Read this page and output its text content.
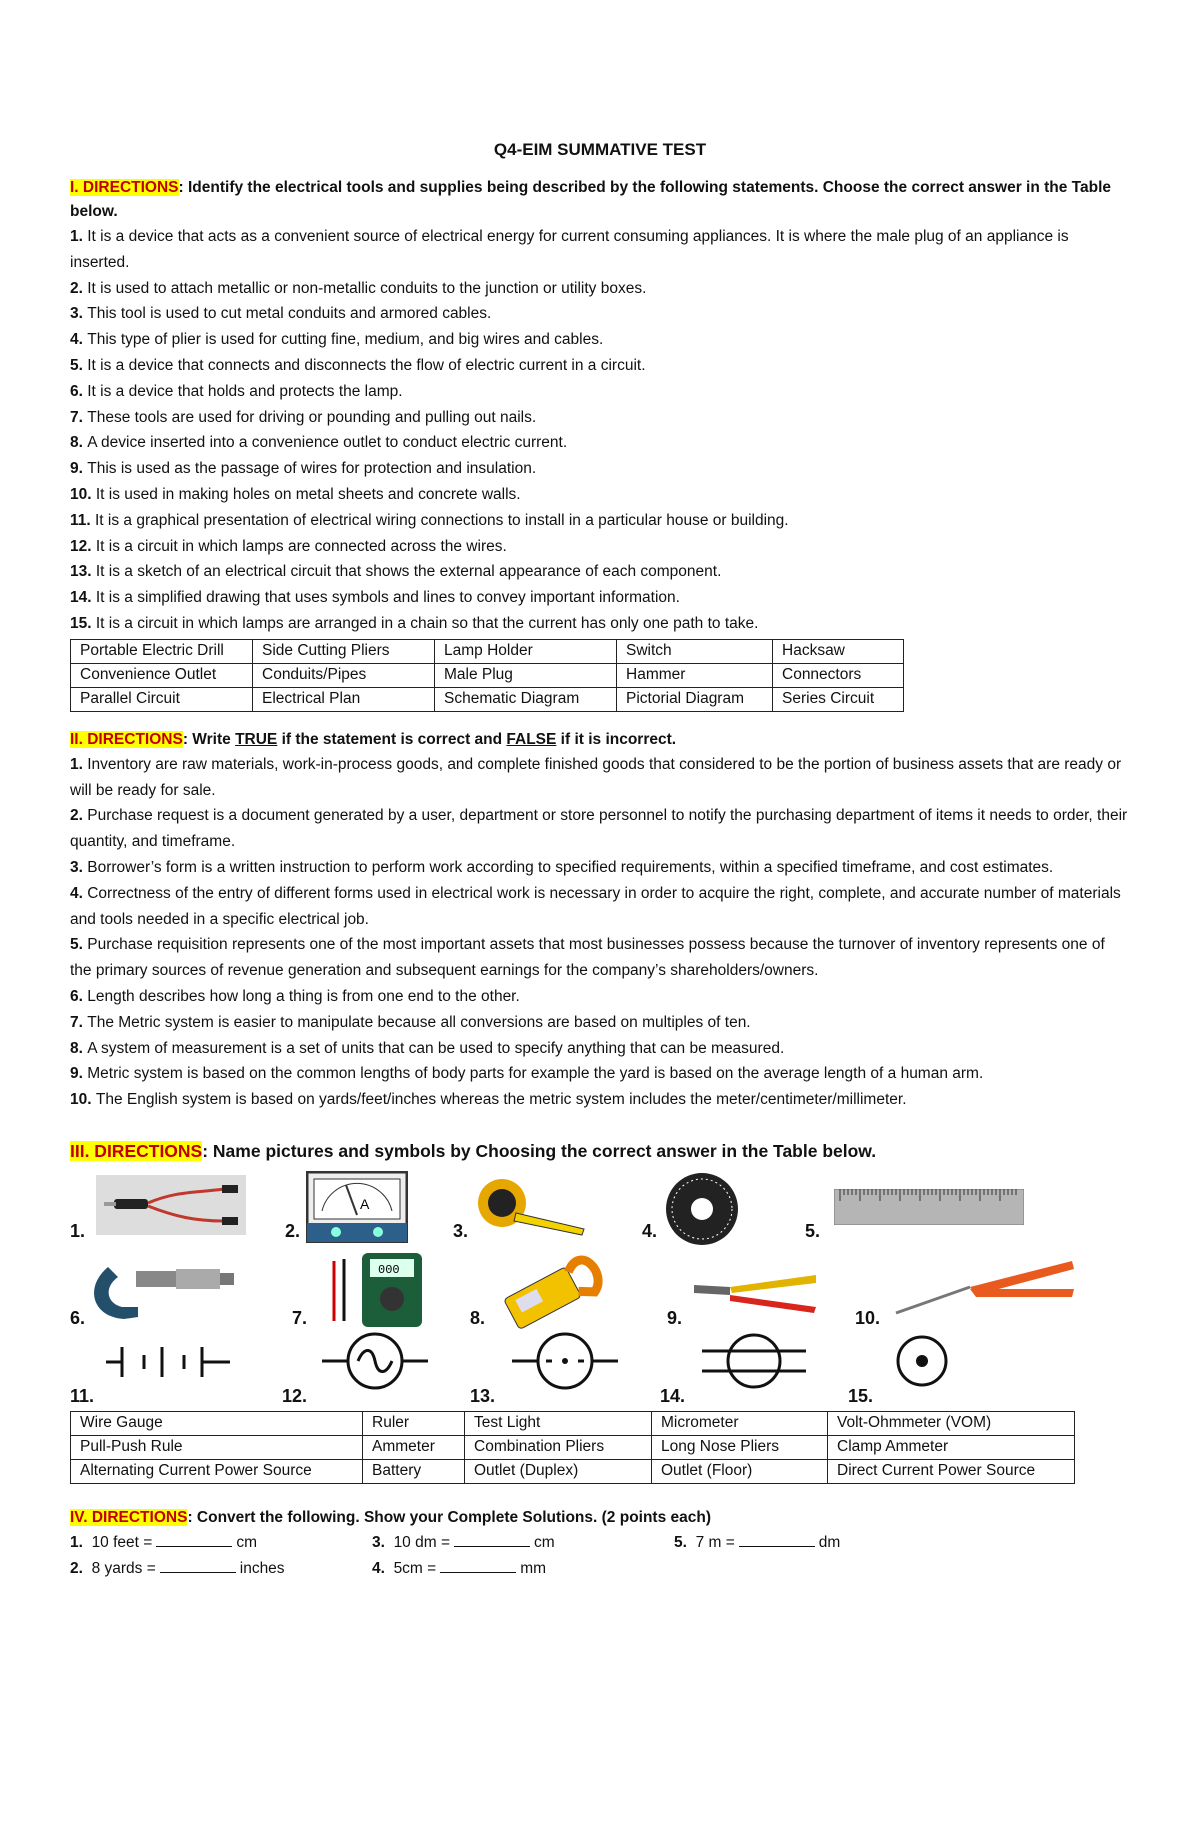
Q4-EIM SUMMATIVE TEST
I. DIRECTIONS: Identify the electrical tools and supplies being described by the following statements. Choose the correct answer in the Table below.
1. It is a device that acts as a convenient source of electrical energy for current consuming appliances. It is where the male plug of an appliance is inserted.
2. It is used to attach metallic or non-metallic conduits to the junction or utility boxes.
3. This tool is used to cut metal conduits and armored cables.
4. This type of plier is used for cutting fine, medium, and big wires and cables.
5. It is a device that connects and disconnects the flow of electric current in a circuit.
6. It is a device that holds and protects the lamp.
7. These tools are used for driving or pounding and pulling out nails.
8. A device inserted into a convenience outlet to conduct electric current.
9. This is used as the passage of wires for protection and insulation.
10. It is used in making holes on metal sheets and concrete walls.
11. It is a graphical presentation of electrical wiring connections to install in a particular house or building.
12. It is a circuit in which lamps are connected across the wires.
13. It is a sketch of an electrical circuit that shows the external appearance of each component.
14. It is a simplified drawing that uses symbols and lines to convey important information.
15. It is a circuit in which lamps are arranged in a chain so that the current has only one path to take.
Portable Electric Drill	Side Cutting Pliers	Lamp Holder	Switch	Hacksaw
Convenience Outlet	Conduits/Pipes	Male Plug	Hammer	Connectors
Parallel Circuit	Electrical Plan	Schematic Diagram	Pictorial Diagram	Series Circuit
II. DIRECTIONS: Write TRUE if the statement is correct and FALSE if it is incorrect.
1. Inventory are raw materials, work-in-process goods, and complete finished goods that considered to be the portion of business assets that are ready or will be ready for sale.
2. Purchase request is a document generated by a user, department or store personnel to notify the purchasing department of items it needs to order, their quantity, and timeframe.
3. Borrower’s form is a written instruction to perform work according to specified requirements, within a specified timeframe, and cost estimates.
4. Correctness of the entry of different forms used in electrical work is necessary in order to acquire the right, complete, and accurate number of materials and tools needed in a specific electrical job.
5. Purchase requisition represents one of the most important assets that most businesses possess because the turnover of inventory represents one of the primary sources of revenue generation and subsequent earnings for the company’s shareholders/owners.
6. Length describes how long a thing is from one end to the other.
7. The Metric system is easier to manipulate because all conversions are based on multiples of ten.
8. A system of measurement is a set of units that can be used to specify anything that can be measured.
9. Metric system is based on the common lengths of body parts for example the yard is based on the average length of a human arm.
10. The English system is based on yards/feet/inches whereas the metric system includes the meter/centimeter/millimeter.
III. DIRECTIONS: Name pictures and symbols by Choosing the correct answer in the Table below.
1.	2.
A
3.	4.	5.
6.	7.
000
8.	9.	10.
11.	12.	13.	14.	15.
Wire Gauge	Ruler	Test Light	Micrometer	Volt-Ohmmeter (VOM)
Pull-Push Rule	Ammeter	Combination Pliers	Long Nose Pliers	Clamp Ammeter
Alternating Current Power Source	Battery	Outlet (Duplex)	Outlet (Floor)	Direct Current Power Source
IV. DIRECTIONS: Convert the following. Show your Complete Solutions. (2 points each)
1. 10 feet =	cm	3. 10 dm =	cm	5. 7 m =	dm
2. 8 yards =	inches	4. 5cm =	mm
